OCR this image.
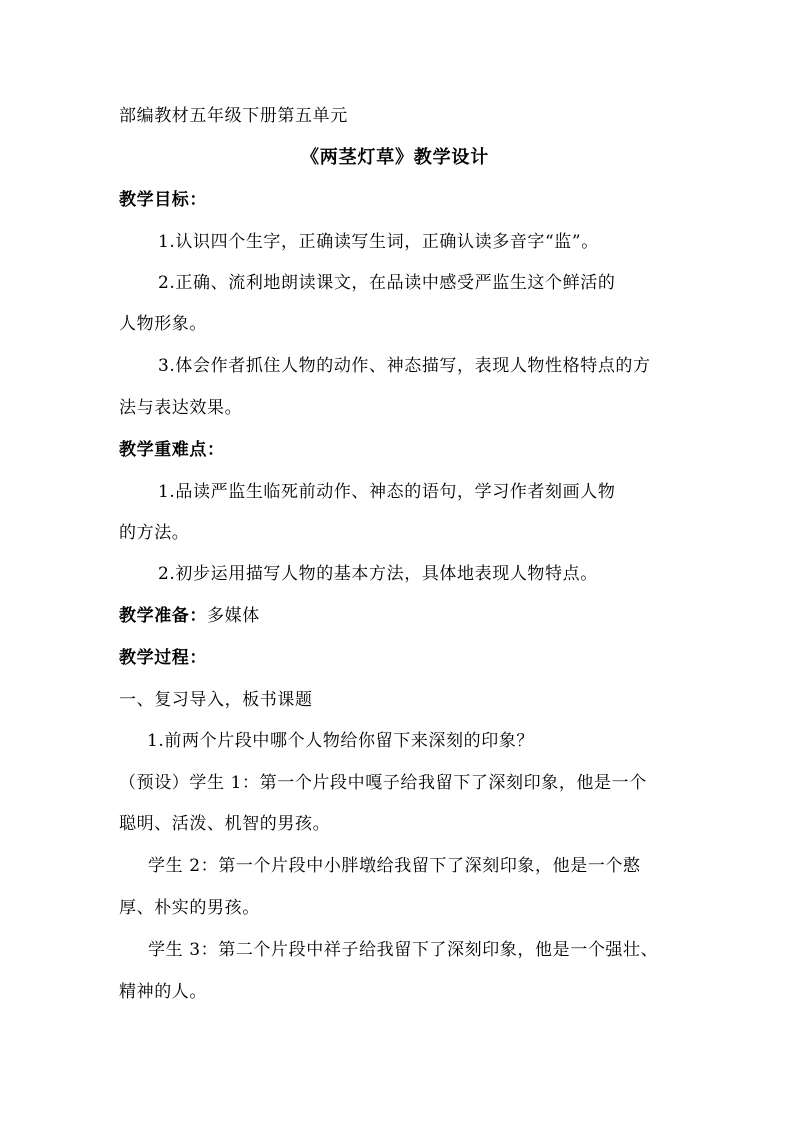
部编教材五年级下册第五单元
《两茎灯草》教学设计
教学目标：
1.认识四个生字，正确读写生词，正确认读多音字“监”。
2.正确、流利地朗读课文，在品读中感受严监生这个鲜活的
人物形象。
3.体会作者抓住人物的动作、神态描写，表现人物性格特点的方
法与表达效果。
教学重难点：
1.品读严监生临死前动作、神态的语句，学习作者刻画人物
的方法。
2.初步运用描写人物的基本方法，具体地表现人物特点。
教学准备：多媒体
教学过程：
一、复习导入，板书课题
1.前两个片段中哪个人物给你留下来深刻的印象？
（预设）学生 1：第一个片段中嘎子给我留下了深刻印象，他是一个
聪明、活泼、机智的男孩。
学生 2：第一个片段中小胖墩给我留下了深刻印象，他是一个憨
厚、朴实的男孩。
学生 3：第二个片段中祥子给我留下了深刻印象，他是一个强壮、
精神的人。
